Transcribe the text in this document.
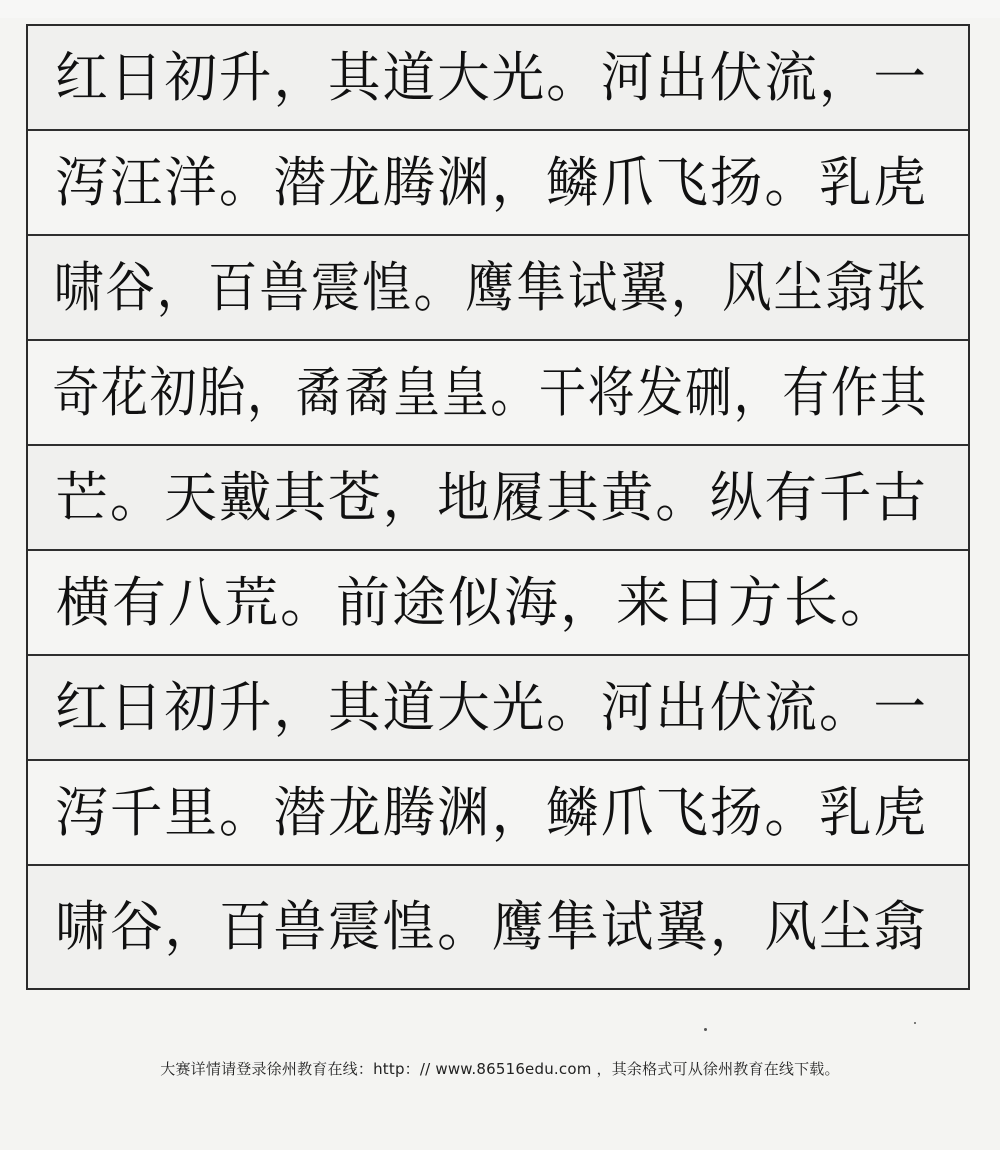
红日初升，其道大光。河出伏流，一
泻汪洋。潜龙腾渊，鳞爪飞扬。乳虎
啸谷，百兽震惶。鹰隼试翼，风尘翕张
奇花初胎，矞矞皇皇。干将发硎，有作其
芒。天戴其苍，地履其黄。纵有千古
横有八荒。前途似海，来日方长。
红日初升，其道大光。河出伏流。一
泻千里。潜龙腾渊，鳞爪飞扬。乳虎
啸谷，百兽震惶。鹰隼试翼，风尘翕
大赛详情请登录徐州教育在线：http：// www.86516edu.com ，其余格式可从徐州教育在线下载。
